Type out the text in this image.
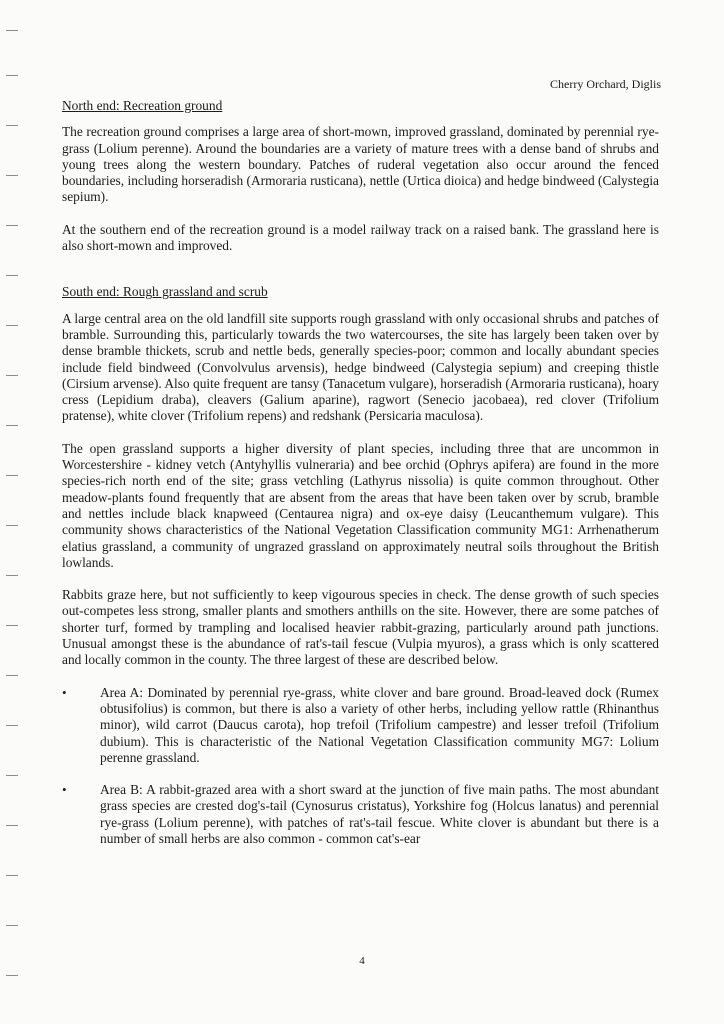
Cherry Orchard, Diglis
North end: Recreation ground

The recreation ground comprises a large area of short-mown, improved grassland, dominated by perennial rye-grass (Lolium perenne). Around the boundaries are a variety of mature trees with a dense band of shrubs and young trees along the western boundary. Patches of ruderal vegetation also occur around the fenced boundaries, including horseradish (Armoraria rusticana), nettle (Urtica dioica) and hedge bindweed (Calystegia sepium).

At the southern end of the recreation ground is a model railway track on a raised bank. The grassland here is also short-mown and improved.

South end: Rough grassland and scrub

A large central area on the old landfill site supports rough grassland with only occasional shrubs and patches of bramble. Surrounding this, particularly towards the two watercourses, the site has largely been taken over by dense bramble thickets, scrub and nettle beds, generally species-poor; common and locally abundant species include field bindweed (Convolvulus arvensis), hedge bindweed (Calystegia sepium) and creeping thistle (Cirsium arvense). Also quite frequent are tansy (Tanacetum vulgare), horseradish (Armoraria rusticana), hoary cress (Lepidium draba), cleavers (Galium aparine), ragwort (Senecio jacobaea), red clover (Trifolium pratense), white clover (Trifolium repens) and redshank (Persicaria maculosa).

The open grassland supports a higher diversity of plant species, including three that are uncommon in Worcestershire - kidney vetch (Antyhyllis vulneraria) and bee orchid (Ophrys apifera) are found in the more species-rich north end of the site; grass vetchling (Lathyrus nissolia) is quite common throughout. Other meadow-plants found frequently that are absent from the areas that have been taken over by scrub, bramble and nettles include black knapweed (Centaurea nigra) and ox-eye daisy (Leucanthemum vulgare). This community shows characteristics of the National Vegetation Classification community MG1: Arrhenatherum elatius grassland, a community of ungrazed grassland on approximately neutral soils throughout the British lowlands.

Rabbits graze here, but not sufficiently to keep vigourous species in check. The dense growth of such species out-competes less strong, smaller plants and smothers anthills on the site. However, there are some patches of shorter turf, formed by trampling and localised heavier rabbit-grazing, particularly around path junctions. Unusual amongst these is the abundance of rat's-tail fescue (Vulpia myuros), a grass which is only scattered and locally common in the county. The three largest of these are described below.

• Area A: Dominated by perennial rye-grass, white clover and bare ground. Broad-leaved dock (Rumex obtusifolius) is common, but there is also a variety of other herbs, including yellow rattle (Rhinanthus minor), wild carrot (Daucus carota), hop trefoil (Trifolium campestre) and lesser trefoil (Trifolium dubium). This is characteristic of the National Vegetation Classification community MG7: Lolium perenne grassland.
• Area B: A rabbit-grazed area with a short sward at the junction of five main paths. The most abundant grass species are crested dog's-tail (Cynosurus cristatus), Yorkshire fog (Holcus lanatus) and perennial rye-grass (Lolium perenne), with patches of rat's-tail fescue. White clover is abundant but there is a number of small herbs are also common - common cat's-ear
4
